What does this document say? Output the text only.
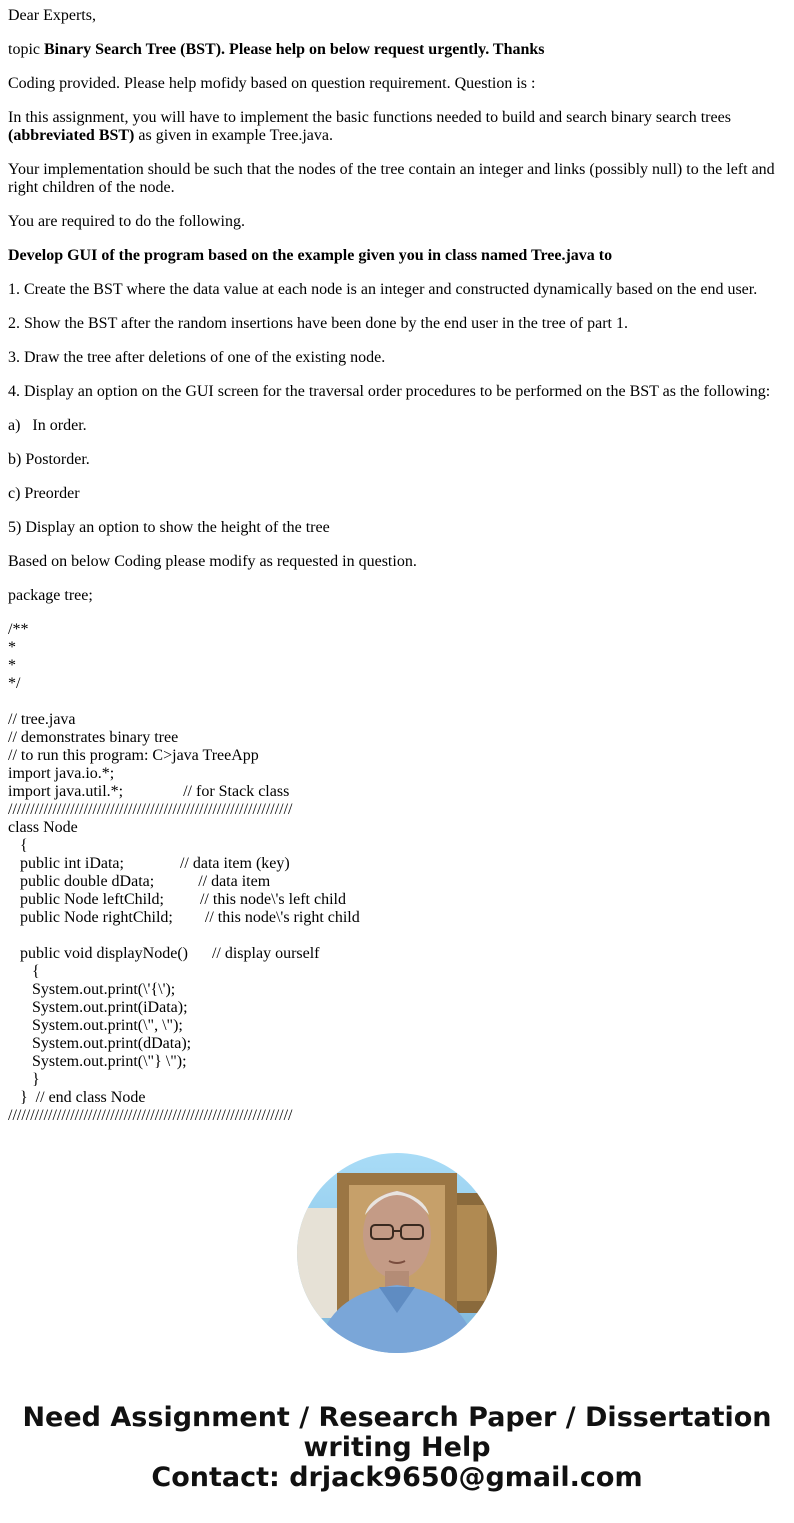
Dear Experts,

topic Binary Search Tree (BST). Please help on below request urgently. Thanks

Coding provided. Please help mofidy based on question requirement. Question is :

In this assignment, you will have to implement the basic functions needed to build and search binary search trees (abbreviated BST) as given in example Tree.java.

Your implementation should be such that the nodes of the tree contain an integer and links (possibly null) to the left and right children of the node.

You are required to do the following.

Develop GUI of the program based on the example given you in class named Tree.java to

1. Create the BST where the data value at each node is an integer and constructed dynamically based on the end user.

2. Show the BST after the random insertions have been done by the end user in the tree of part 1.

3. Draw the tree after deletions of one of the existing node.

4. Display an option on the GUI screen for the traversal order procedures to be performed on the BST as the following:

a)   In order.

b) Postorder.

c) Preorder

5) Display an option to show the height of the tree

Based on below Coding please modify as requested in question.

package tree;

/**
*
*
*/
// tree.java
// demonstrates binary tree
// to run this program: C>java TreeApp
import java.io.*;
import java.util.*;               // for Stack class
////////////////////////////////////////////////////////////////
class Node
{
public int iData;              // data item (key)
public double dData;           // data item
public Node leftChild;         // this node\'s left child
public Node rightChild;        // this node\'s right child

public void displayNode()      // display ourself
{
System.out.print(\'{\');
System.out.print(iData);
System.out.print(\", \");
System.out.print(dData);
System.out.print(\"} \");
}
}  // end class Node
////////////////////////////////////////////////////////////////
Need Assignment / Research Paper / Dissertation
writing Help
Contact: drjack9650@gmail.com
